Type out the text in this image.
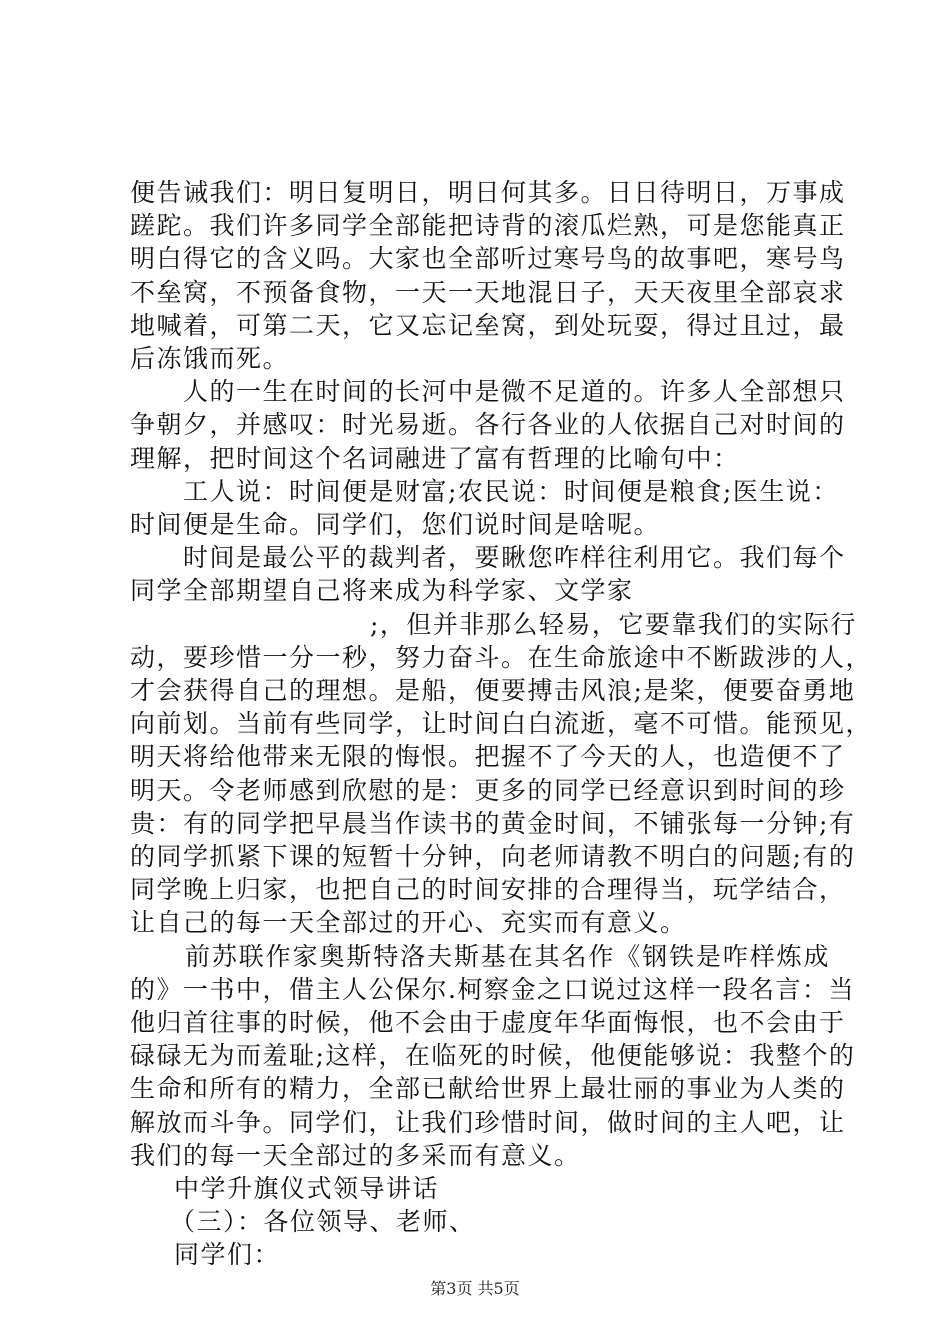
便告诫我们：明日复明日，明日何其多。日日待明日，万事成
蹉跎。我们许多同学全部能把诗背的滚瓜烂熟，可是您能真正
明白得它的含义吗。大家也全部听过寒号鸟的故事吧，寒号鸟
不垒窝，不预备食物，一天一天地混日子，天天夜里全部哀求
地喊着，可第二天，它又忘记垒窝，到处玩耍，得过且过，最
后冻饿而死。
人的一生在时间的长河中是微不足道的。许多人全部想只
争朝夕，并感叹：时光易逝。各行各业的人依据自己对时间的
理解，把时间这个名词融进了富有哲理的比喻句中：
工人说：时间便是财富;农民说：时间便是粮食;医生说：
时间便是生命。同学们，您们说时间是啥呢。
时间是最公平的裁判者，要瞅您咋样往利用它。我们每个
同学全部期望自己将来成为科学家、文学家
;，但并非那么轻易，它要靠我们的实际行
动，要珍惜一分一秒，努力奋斗。在生命旅途中不断跋涉的人，
才会获得自己的理想。是船，便要搏击风浪;是桨，便要奋勇地
向前划。当前有些同学，让时间白白流逝，毫不可惜。能预见，
明天将给他带来无限的悔恨。把握不了今天的人，也造便不了
明天。令老师感到欣慰的是：更多的同学已经意识到时间的珍
贵：有的同学把早晨当作读书的黄金时间，不铺张每一分钟;有
的同学抓紧下课的短暂十分钟，向老师请教不明白的问题;有的
同学晚上归家，也把自己的时间安排的合理得当，玩学结合，
让自己的每一天全部过的开心、充实而有意义。
前苏联作家奥斯特洛夫斯基在其名作《钢铁是咋样炼成
的》一书中，借主人公保尔.柯察金之口说过这样一段名言：当
他归首往事的时候，他不会由于虚度年华面悔恨，也不会由于
碌碌无为而羞耻;这样，在临死的时候，他便能够说：我整个的
生命和所有的精力，全部已献给世界上最壮丽的事业为人类的
解放而斗争。同学们，让我们珍惜时间，做时间的主人吧，让
我们的每一天全部过的多采而有意义。
中学升旗仪式领导讲话
（三）：各位领导、老师、
同学们：
第3页 共5页
